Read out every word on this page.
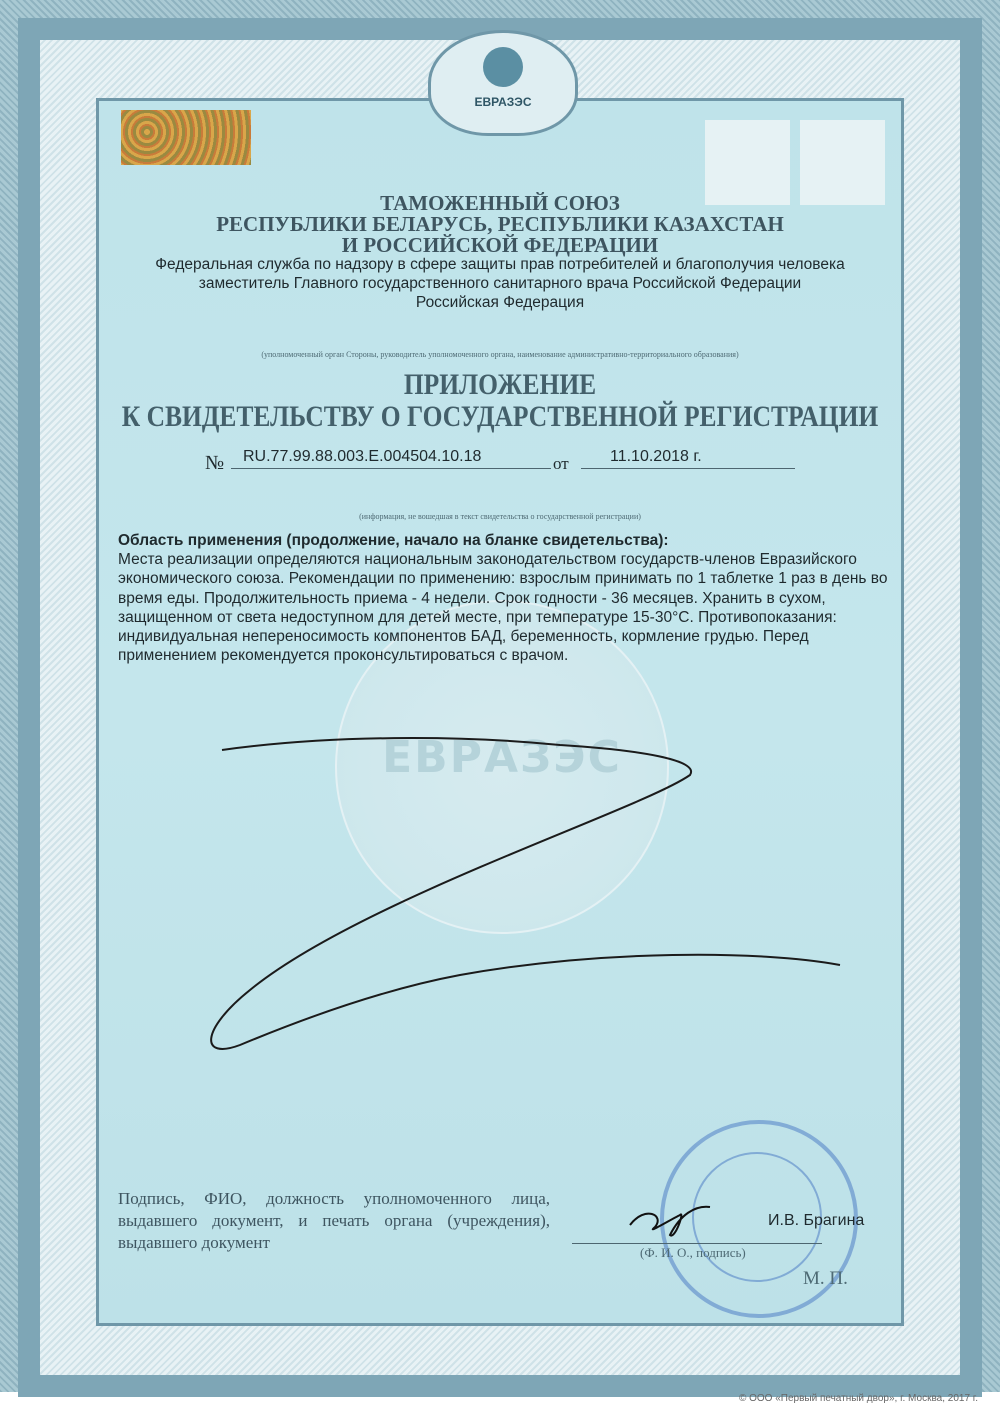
ЕВРАЗЭС
ЕВРАЗЭС
ТАМОЖЕННЫЙ СОЮЗ
РЕСПУБЛИКИ БЕЛАРУСЬ, РЕСПУБЛИКИ КАЗАХСТАН
И РОССИЙСКОЙ ФЕДЕРАЦИИ
Федеральная служба по надзору в сфере защиты прав потребителей и благополучия человека
заместитель Главного государственного санитарного врача Российской Федерации
Российская Федерация
(уполномоченный орган Стороны, руководитель уполномоченного органа, наименование административно-территориального образования)
ПРИЛОЖЕНИЕ
К СВИДЕТЕЛЬСТВУ О ГОСУДАРСТВЕННОЙ РЕГИСТРАЦИИ
№ RU.77.99.88.003.E.004504.10.18	от	11.10.2018 г.
(информация, не вошедшая в текст свидетельства о государственной регистрации)
Область применения (продолжение, начало на бланке свидетельства):
Места реализации определяются национальным законодательством государств-членов Евразийского экономического союза. Рекомендации по применению: взрослым принимать по 1 таблетке 1 раз в день во время еды. Продолжительность приема - 4 недели. Срок годности - 36 месяцев. Хранить в сухом, защищенном от света недоступном для детей месте, при температуре 15-30°С. Противопоказания: индивидуальная непереносимость компонентов БАД, беременность, кормление грудью. Перед применением рекомендуется проконсультироваться с врачом.
Подпись, ФИО, должность уполномоченного лица, выдавшего документ, и печать органа (учреждения), выдавшего документ
И.В. Брагина
(Ф. И. О., подпись)
М. П.
© ООО «Первый печатный двор», г. Москва, 2017 г.
